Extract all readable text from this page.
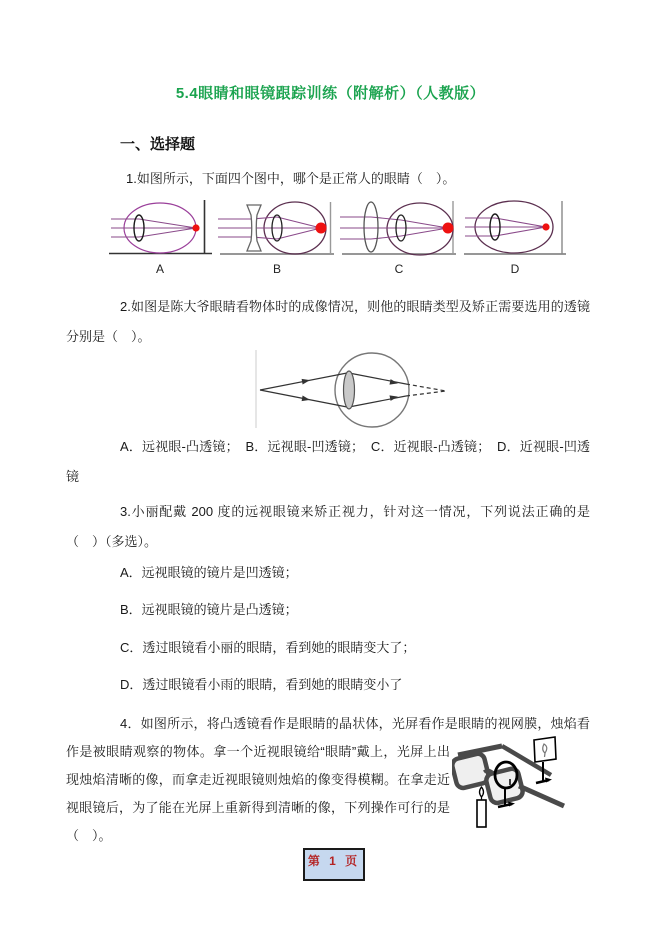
5.4眼睛和眼镜跟踪训练（附解析）（人教版）
一、选择题
1.如图所示，下面四个图中，哪个是正常人的眼睛（　）。
A	B	C	D
2.如图是陈大爷眼睛看物体时的成像情况，则他的眼睛类型及矫正需要选用的透镜分别是（　）。
A．远视眼-凸透镜；　B．远视眼-凹透镜；　C．近视眼-凸透镜；　D．近视眼-凹透镜
3.小丽配戴 200 度的远视眼镜来矫正视力，针对这一情况，下列说法正确的是（　）（多选）。
A．远视眼镜的镜片是凹透镜；
B．远视眼镜的镜片是凸透镜；
C．透过眼镜看小丽的眼睛，看到她的眼睛变大了；
D．透过眼镜看小雨的眼睛，看到她的眼睛变小了
4．如图所示，将凸透镜看作是眼睛的晶状体，光屏看作是眼睛的视网膜，烛焰看作是被眼睛观察的物体。拿一个近视眼镜给“眼睛”戴上，光屏上出现烛焰清晰的像，而拿走近视眼镜则烛焰的像变得模糊。在拿走近视眼镜后，为了能在光屏上重新得到清晰的像，下列操作可行的是（　）。
第 1 页
